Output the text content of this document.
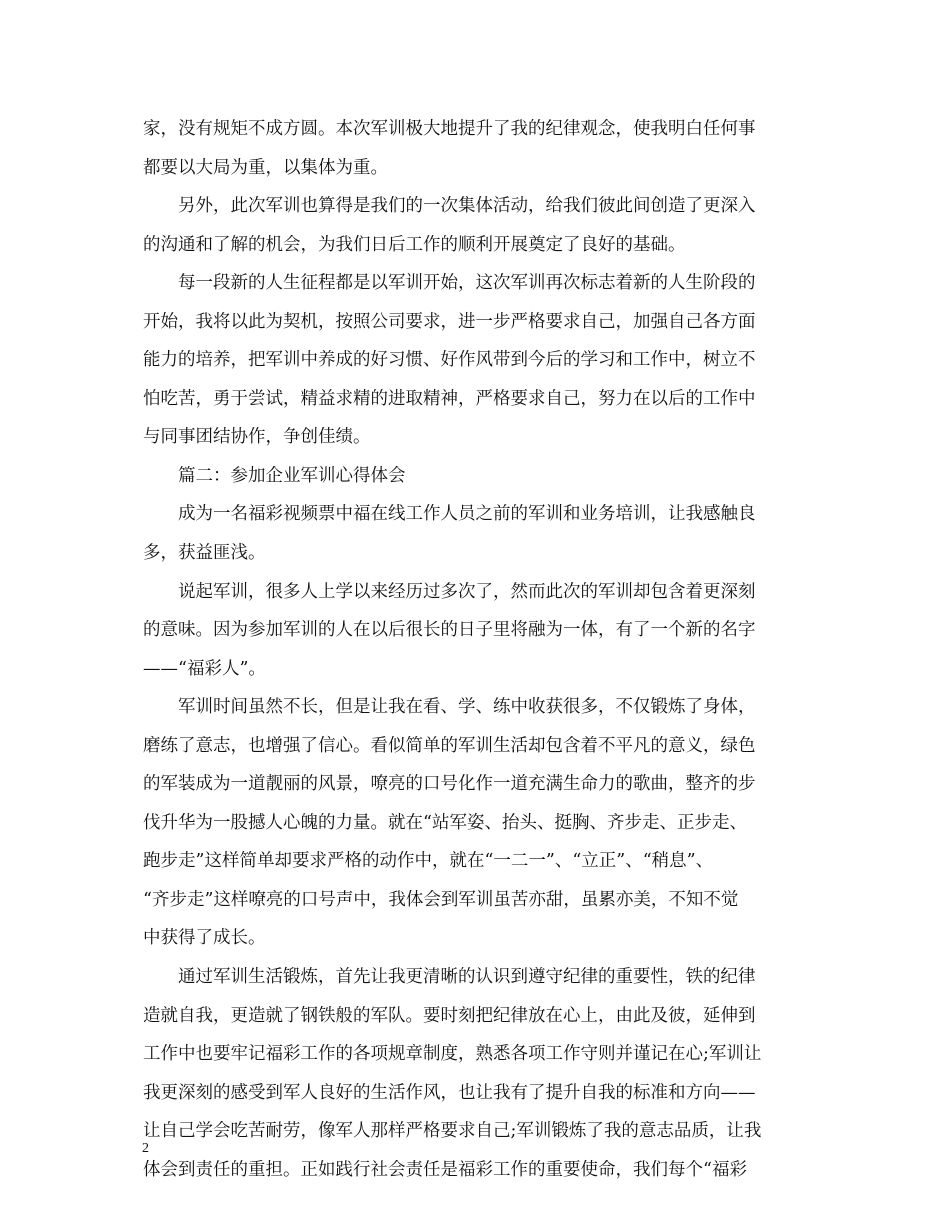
家，没有规矩不成方圆。本次军训极大地提升了我的纪律观念，使我明白任何事
都要以大局为重，以集体为重。
另外，此次军训也算得是我们的一次集体活动，给我们彼此间创造了更深入
的沟通和了解的机会，为我们日后工作的顺利开展奠定了良好的基础。
每一段新的人生征程都是以军训开始，这次军训再次标志着新的人生阶段的
开始，我将以此为契机，按照公司要求，进一步严格要求自己，加强自己各方面
能力的培养，把军训中养成的好习惯、好作风带到今后的学习和工作中，树立不
怕吃苦，勇于尝试，精益求精的进取精神，严格要求自己，努力在以后的工作中
与同事团结协作，争创佳绩。
篇二：参加企业军训心得体会
成为一名福彩视频票中福在线工作人员之前的军训和业务培训，让我感触良
多，获益匪浅。
说起军训，很多人上学以来经历过多次了，然而此次的军训却包含着更深刻
的意味。因为参加军训的人在以后很长的日子里将融为一体，有了一个新的名字
——“福彩人”。
军训时间虽然不长，但是让我在看、学、练中收获很多，不仅锻炼了身体，
磨练了意志，也增强了信心。看似简单的军训生活却包含着不平凡的意义，绿色
的军装成为一道靓丽的风景，嘹亮的口号化作一道充满生命力的歌曲，整齐的步
伐升华为一股撼人心魄的力量。就在“站军姿、抬头、挺胸、齐步走、正步走、
跑步走”这样简单却要求严格的动作中，就在“一二一”、“立正”、“稍息”、
“齐步走”这样嘹亮的口号声中，我体会到军训虽苦亦甜，虽累亦美，不知不觉
中获得了成长。
通过军训生活锻炼，首先让我更清晰的认识到遵守纪律的重要性，铁的纪律
造就自我，更造就了钢铁般的军队。要时刻把纪律放在心上，由此及彼，延伸到
工作中也要牢记福彩工作的各项规章制度，熟悉各项工作守则并谨记在心;军训让
我更深刻的感受到军人良好的生活作风，也让我有了提升自我的标准和方向——
让自己学会吃苦耐劳，像军人那样严格要求自己;军训锻炼了我的意志品质，让我
体会到责任的重担。正如践行社会责任是福彩工作的重要使命，我们每个“福彩
2
